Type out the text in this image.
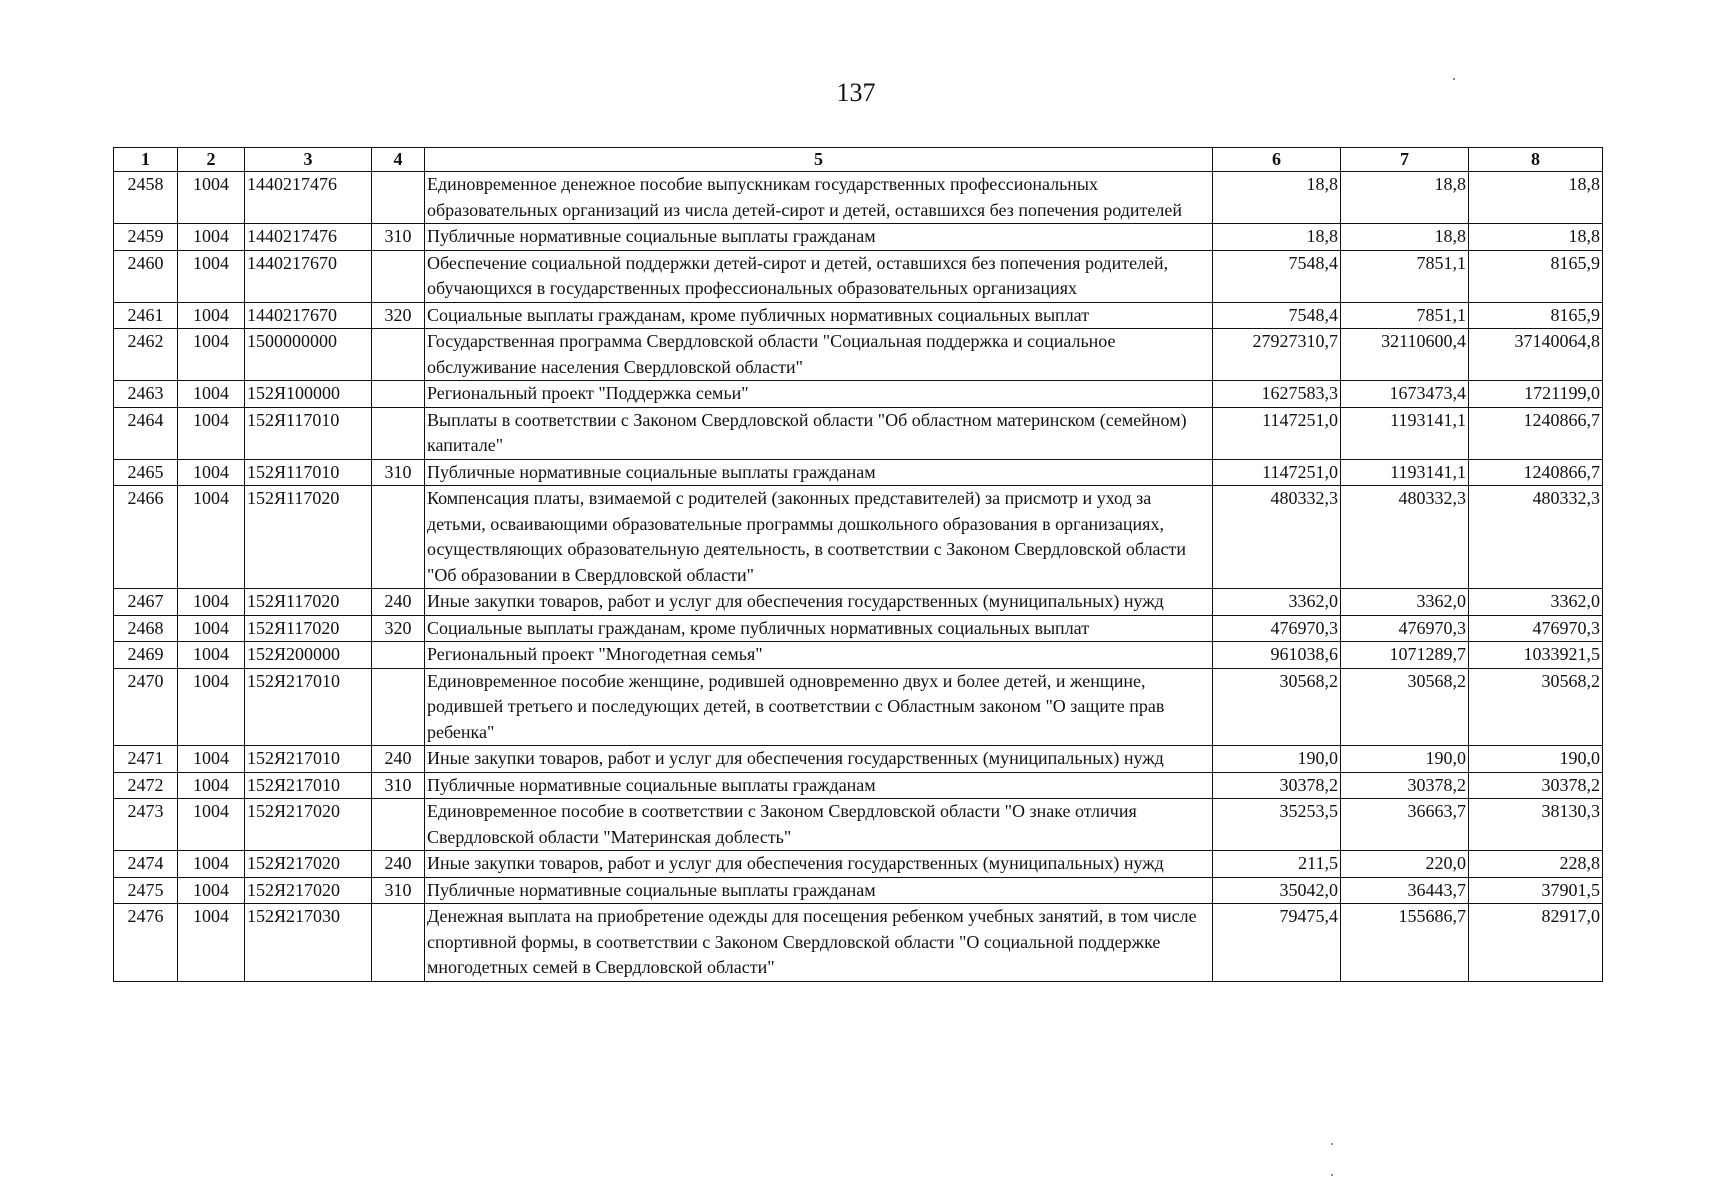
137
1	2	3	4	5	6	7	8
2458	1004	1440217476		Единовременное денежное пособие выпускникам государственных профессиональных образовательных организаций из числа детей-сирот и детей, оставшихся без попечения родителей	18,8	18,8	18,8
2459	1004	1440217476	310	Публичные нормативные социальные выплаты гражданам	18,8	18,8	18,8
2460	1004	1440217670		Обеспечение социальной поддержки детей-сирот и детей, оставшихся без попечения родителей, обучающихся в государственных профессиональных образовательных организациях	7548,4	7851,1	8165,9
2461	1004	1440217670	320	Социальные выплаты гражданам, кроме публичных нормативных социальных выплат	7548,4	7851,1	8165,9
2462	1004	1500000000		Государственная программа Свердловской области "Социальная поддержка и социальное обслуживание населения Свердловской области"	27927310,7	32110600,4	37140064,8
2463	1004	152Я100000		Региональный проект "Поддержка семьи"	1627583,3	1673473,4	1721199,0
2464	1004	152Я117010		Выплаты в соответствии с Законом Свердловской области "Об областном материнском (семейном) капитале"	1147251,0	1193141,1	1240866,7
2465	1004	152Я117010	310	Публичные нормативные социальные выплаты гражданам	1147251,0	1193141,1	1240866,7
2466	1004	152Я117020		Компенсация платы, взимаемой с родителей (законных представителей) за присмотр и уход за детьми, осваивающими образовательные программы дошкольного образования в организациях, осуществляющих образовательную деятельность, в соответствии с Законом Свердловской области "Об образовании в Свердловской области"	480332,3	480332,3	480332,3
2467	1004	152Я117020	240	Иные закупки товаров, работ и услуг для обеспечения государственных (муниципальных) нужд	3362,0	3362,0	3362,0
2468	1004	152Я117020	320	Социальные выплаты гражданам, кроме публичных нормативных социальных выплат	476970,3	476970,3	476970,3
2469	1004	152Я200000		Региональный проект "Многодетная семья"	961038,6	1071289,7	1033921,5
2470	1004	152Я217010		Единовременное пособие женщине, родившей одновременно двух и более детей, и женщине, родившей третьего и последующих детей, в соответствии с Областным законом "О защите прав ребенка"	30568,2	30568,2	30568,2
2471	1004	152Я217010	240	Иные закупки товаров, работ и услуг для обеспечения государственных (муниципальных) нужд	190,0	190,0	190,0
2472	1004	152Я217010	310	Публичные нормативные социальные выплаты гражданам	30378,2	30378,2	30378,2
2473	1004	152Я217020		Единовременное пособие в соответствии с Законом Свердловской области "О знаке отличия Свердловской области "Материнская доблесть"	35253,5	36663,7	38130,3
2474	1004	152Я217020	240	Иные закупки товаров, работ и услуг для обеспечения государственных (муниципальных) нужд	211,5	220,0	228,8
2475	1004	152Я217020	310	Публичные нормативные социальные выплаты гражданам	35042,0	36443,7	37901,5
2476	1004	152Я217030		Денежная выплата на приобретение одежды для посещения ребенком учебных занятий, в том числе спортивной формы, в соответствии с Законом Свердловской области "О социальной поддержке многодетных семей в Свердловской области"	79475,4	155686,7	82917,0
